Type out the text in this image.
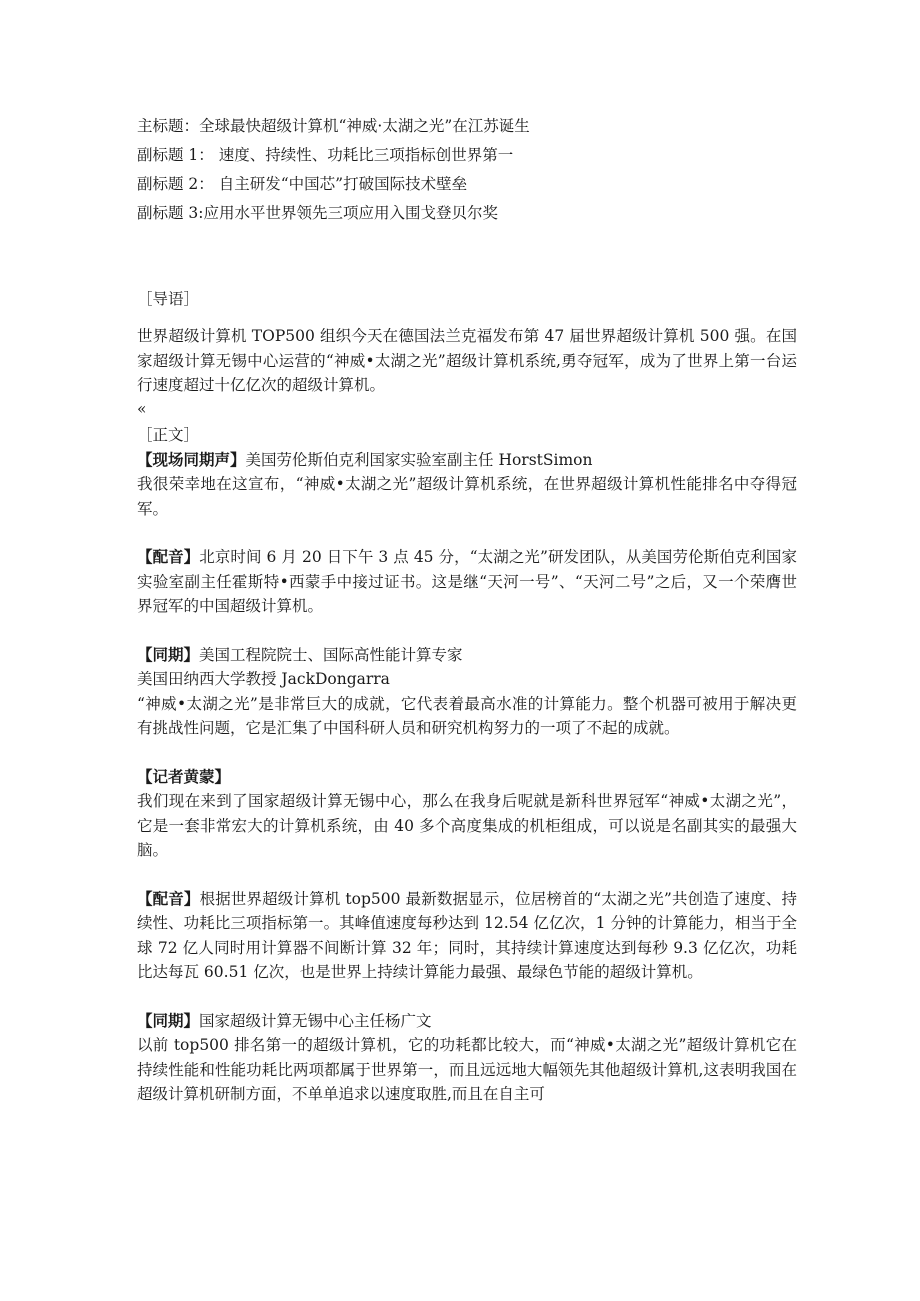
主标题：全球最快超级计算机“神威·太湖之光”在江苏诞生
副标题 1： 速度、持续性、功耗比三项指标创世界第一
副标题 2： 自主研发“中国芯”打破国际技术壁垒
副标题 3:应用水平世界领先三项应用入围戈登贝尔奖
［导语］

世界超级计算机 TOP500 组织今天在德国法兰克福发布第 47 届世界超级计算机 500 强。在国家超级计算无锡中心运营的“神威•太湖之光”超级计算机系统,勇夺冠军，成为了世界上第一台运行速度超过十亿亿次的超级计算机。

«
［正文］
【现场同期声】美国劳伦斯伯克利国家实验室副主任 HorstSimon

我很荣幸地在这宣布，“神威•太湖之光”超级计算机系统，在世界超级计算机性能排名中夺得冠军。

【配音】北京时间 6 月 20 日下午 3 点 45 分，“太湖之光”研发团队，从美国劳伦斯伯克利国家实验室副主任霍斯特•西蒙手中接过证书。这是继“天河一号”、“天河二号”之后，又一个荣膺世界冠军的中国超级计算机。

【同期】美国工程院院士、国际高性能计算专家
美国田纳西大学教授 JackDongarra

“神威•太湖之光”是非常巨大的成就，它代表着最高水准的计算能力。整个机器可被用于解决更有挑战性问题，它是汇集了中国科研人员和研究机构努力的一项了不起的成就。

【记者黄蒙】

我们现在来到了国家超级计算无锡中心，那么在我身后呢就是新科世界冠军“神威•太湖之光”，它是一套非常宏大的计算机系统，由 40 多个高度集成的机柜组成，可以说是名副其实的最强大脑。

【配音】根据世界超级计算机 top500 最新数据显示，位居榜首的“太湖之光”共创造了速度、持续性、功耗比三项指标第一。其峰值速度每秒达到 12.54 亿亿次，1 分钟的计算能力，相当于全球 72 亿人同时用计算器不间断计算 32 年；同时，其持续计算速度达到每秒 9.3 亿亿次，功耗比达每瓦 60.51 亿次，也是世界上持续计算能力最强、最绿色节能的超级计算机。

【同期】国家超级计算无锡中心主任杨广文

以前 top500 排名第一的超级计算机，它的功耗都比较大，而“神威•太湖之光”超级计算机它在持续性能和性能功耗比两项都属于世界第一，而且远远地大幅领先其他超级计算机,这表明我国在超级计算机研制方面，不单单追求以速度取胜,而且在自主可
